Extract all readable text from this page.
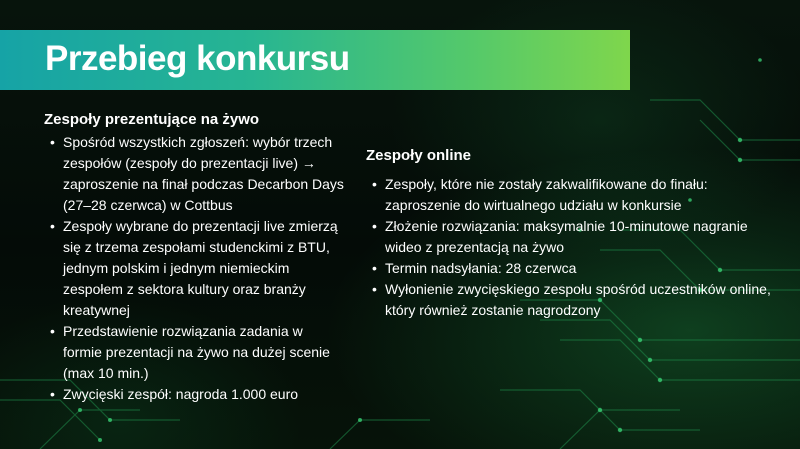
Przebieg konkursu
Zespoły prezentujące na żywo
• Spośród wszystkich zgłoszeń: wybór trzech zespołów (zespoły do prezentacji live) → zaproszenie na finał podczas Decarbon Days (27–28 czerwca) w Cottbus
• Zespoły wybrane do prezentacji live zmierzą się z trzema zespołami studenckimi z BTU, jednym polskim i jednym niemieckim zespołem z sektora kultury oraz branży kreatywnej
• Przedstawienie rozwiązania zadania w formie prezentacji na żywo na dużej scenie (max 10 min.)
• Zwycięski zespół: nagroda 1.000 euro
Zespoły online
• Zespoły, które nie zostały zakwalifikowane do finału: zaproszenie do wirtualnego udziału w konkursie
• Złożenie rozwiązania: maksymalnie 10-minutowe nagranie wideo z prezentacją na żywo
• Termin nadsyłania: 28 czerwca
• Wyłonienie zwycięskiego zespołu spośród uczestników online, który również zostanie nagrodzony
